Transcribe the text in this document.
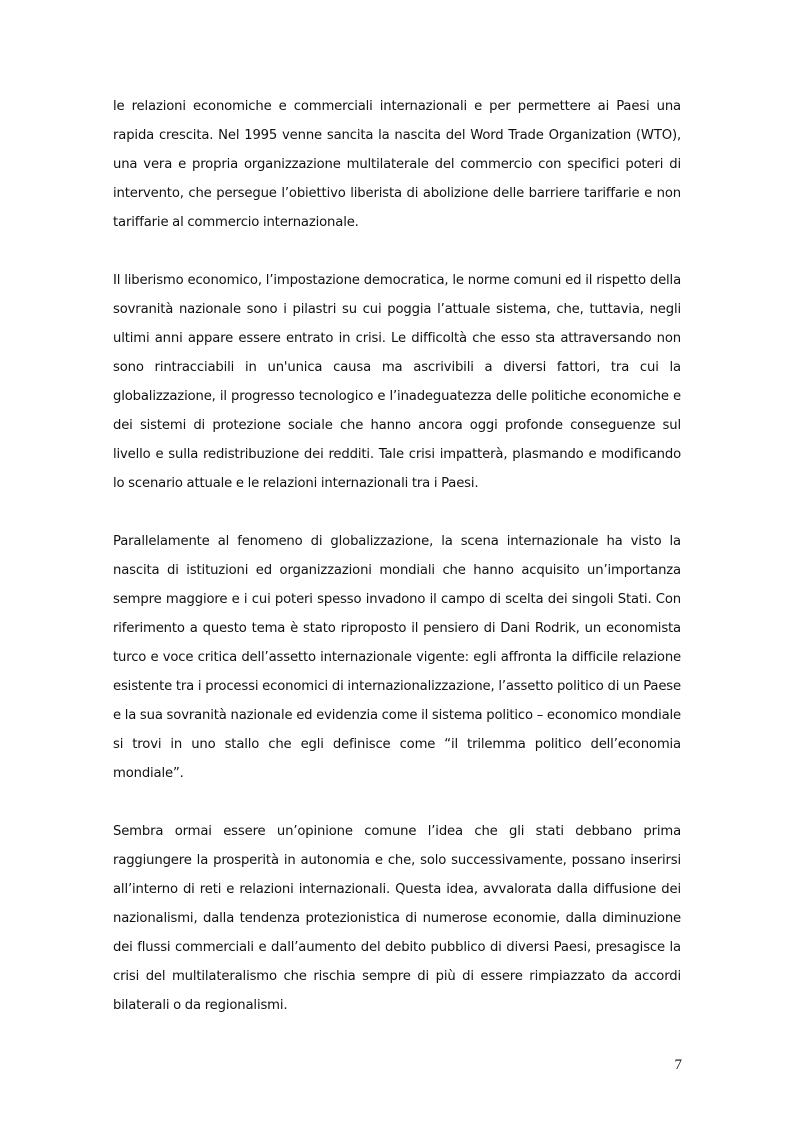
le relazioni economiche e commerciali internazionali e per permettere ai Paesi una rapida crescita. Nel 1995 venne sancita la nascita del Word Trade Organization (WTO), una vera e propria organizzazione multilaterale del commercio con specifici poteri di intervento, che persegue l’obiettivo liberista di abolizione delle barriere tariffarie e non tariffarie al commercio internazionale.

Il liberismo economico, l’impostazione democratica, le norme comuni ed il rispetto della sovranità nazionale sono i pilastri su cui poggia l’attuale sistema, che, tuttavia, negli ultimi anni appare essere entrato in crisi. Le difficoltà che esso sta attraversando non sono rintracciabili in un'unica causa ma ascrivibili a diversi fattori, tra cui la globalizzazione, il progresso tecnologico e l’inadeguatezza delle politiche economiche e dei sistemi di protezione sociale che hanno ancora oggi profonde conseguenze sul livello e sulla redistribuzione dei redditi. Tale crisi impatterà, plasmando e modificando lo scenario attuale e le relazioni internazionali tra i Paesi.

Parallelamente al fenomeno di globalizzazione, la scena internazionale ha visto la nascita di istituzioni ed organizzazioni mondiali che hanno acquisito un’importanza sempre maggiore e i cui poteri spesso invadono il campo di scelta dei singoli Stati. Con riferimento a questo tema è stato riproposto il pensiero di Dani Rodrik, un economista turco e voce critica dell’assetto internazionale vigente: egli affronta la difficile relazione esistente tra i processi economici di internazionalizzazione, l’assetto politico di un Paese e la sua sovranità nazionale ed evidenzia come il sistema politico – economico mondiale si trovi in uno stallo che egli definisce come “il trilemma politico dell’economia mondiale”.

Sembra ormai essere un’opinione comune l’idea che gli stati debbano prima raggiungere la prosperità in autonomia e che, solo successivamente, possano inserirsi all’interno di reti e relazioni internazionali. Questa idea, avvalorata dalla diffusione dei nazionalismi, dalla tendenza protezionistica di numerose economie, dalla diminuzione dei flussi commerciali e dall’aumento del debito pubblico di diversi Paesi, presagisce la crisi del multilateralismo che rischia sempre di più di essere rimpiazzato da accordi bilaterali o da regionalismi.

7
